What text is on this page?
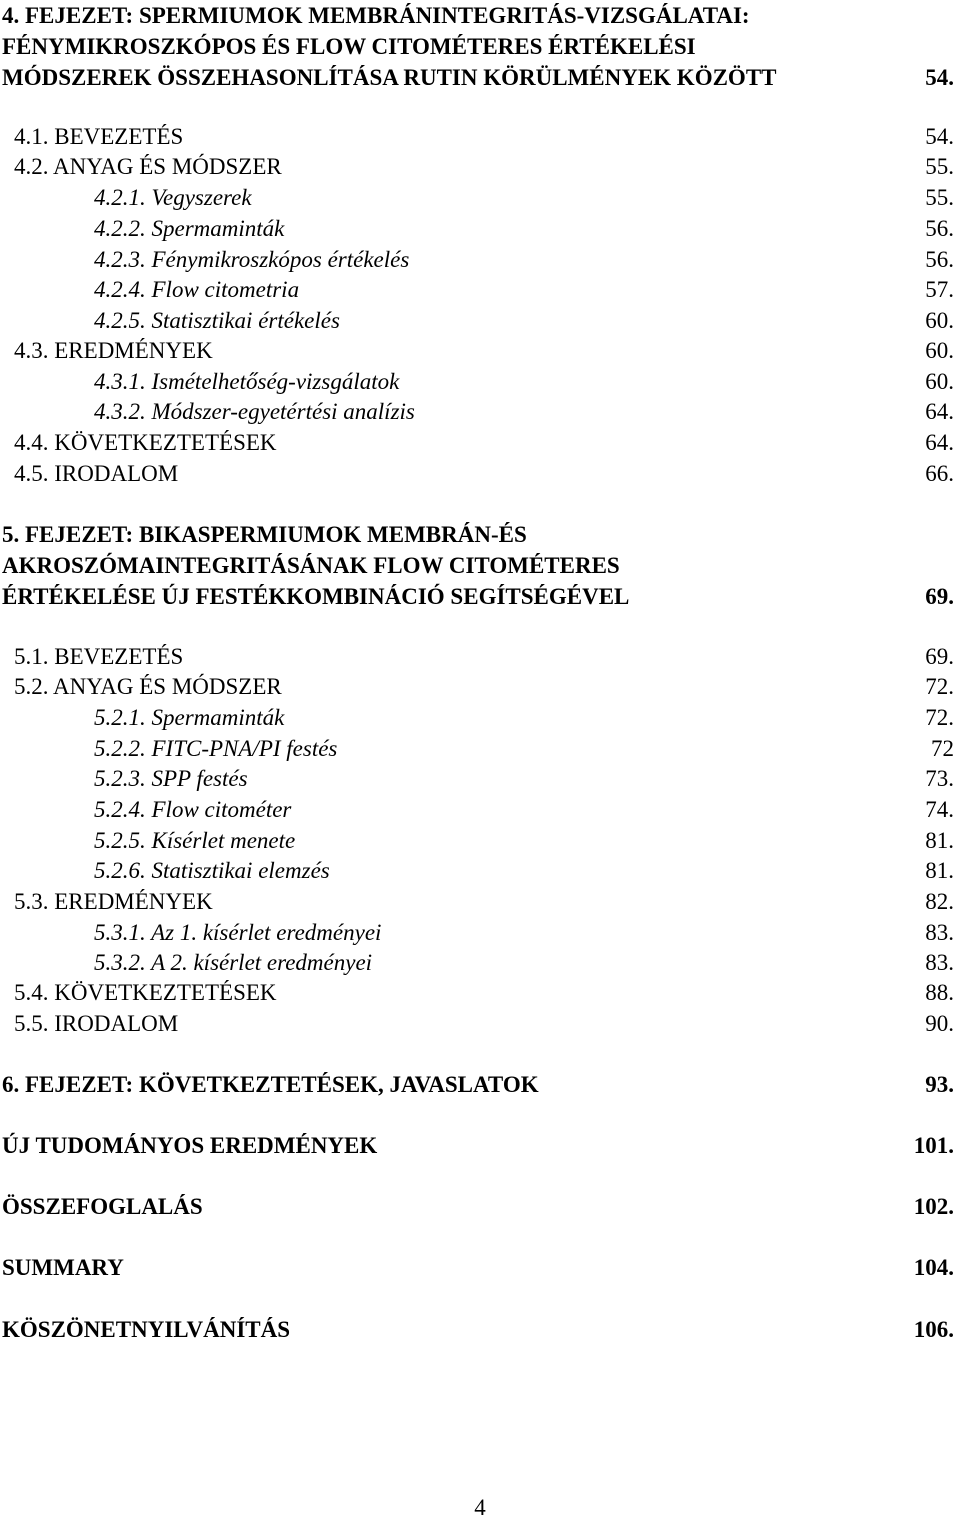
4. FEJEZET: SPERMIUMOK MEMBRÁNINTEGRITÁS-VIZSGÁLATAI:
FÉNYMIKROSZKÓPOS ÉS FLOW CITOMÉTERES ÉRTÉKELÉSI
MÓDSZEREK ÖSSZEHASONLÍTÁSA RUTIN KÖRÜLMÉNYEK KÖZÖTT	54.
4.1. BEVEZETÉS	54.
4.2. ANYAG ÉS MÓDSZER	55.
4.2.1. Vegyszerek	55.
4.2.2. Spermaminták	56.
4.2.3. Fénymikroszkópos értékelés	56.
4.2.4. Flow citometria	57.
4.2.5. Statisztikai értékelés	60.
4.3. EREDMÉNYEK	60.
4.3.1. Ismételhetőség-vizsgálatok	60.
4.3.2. Módszer-egyetértési analízis	64.
4.4. KÖVETKEZTETÉSEK	64.
4.5. IRODALOM	66.
5. FEJEZET: BIKASPERMIUMOK MEMBRÁN-ÉS
AKROSZÓMAINTEGRITÁSÁNAK FLOW CITOMÉTERES
ÉRTÉKELÉSE ÚJ FESTÉKKOMBINÁCIÓ SEGÍTSÉGÉVEL	69.
5.1. BEVEZETÉS	69.
5.2. ANYAG ÉS MÓDSZER	72.
5.2.1. Spermaminták	72.
5.2.2. FITC-PNA/PI festés	72
5.2.3. SPP festés	73.
5.2.4. Flow citométer	74.
5.2.5. Kísérlet menete	81.
5.2.6. Statisztikai elemzés	81.
5.3. EREDMÉNYEK	82.
5.3.1. Az 1. kísérlet eredményei	83.
5.3.2. A 2. kísérlet eredményei	83.
5.4. KÖVETKEZTETÉSEK	88.
5.5. IRODALOM	90.
6. FEJEZET: KÖVETKEZTETÉSEK, JAVASLATOK	93.
ÚJ TUDOMÁNYOS EREDMÉNYEK	101.
ÖSSZEFOGLALÁS	102.
SUMMARY	104.
KÖSZÖNETNYILVÁNÍTÁS	106.
4
